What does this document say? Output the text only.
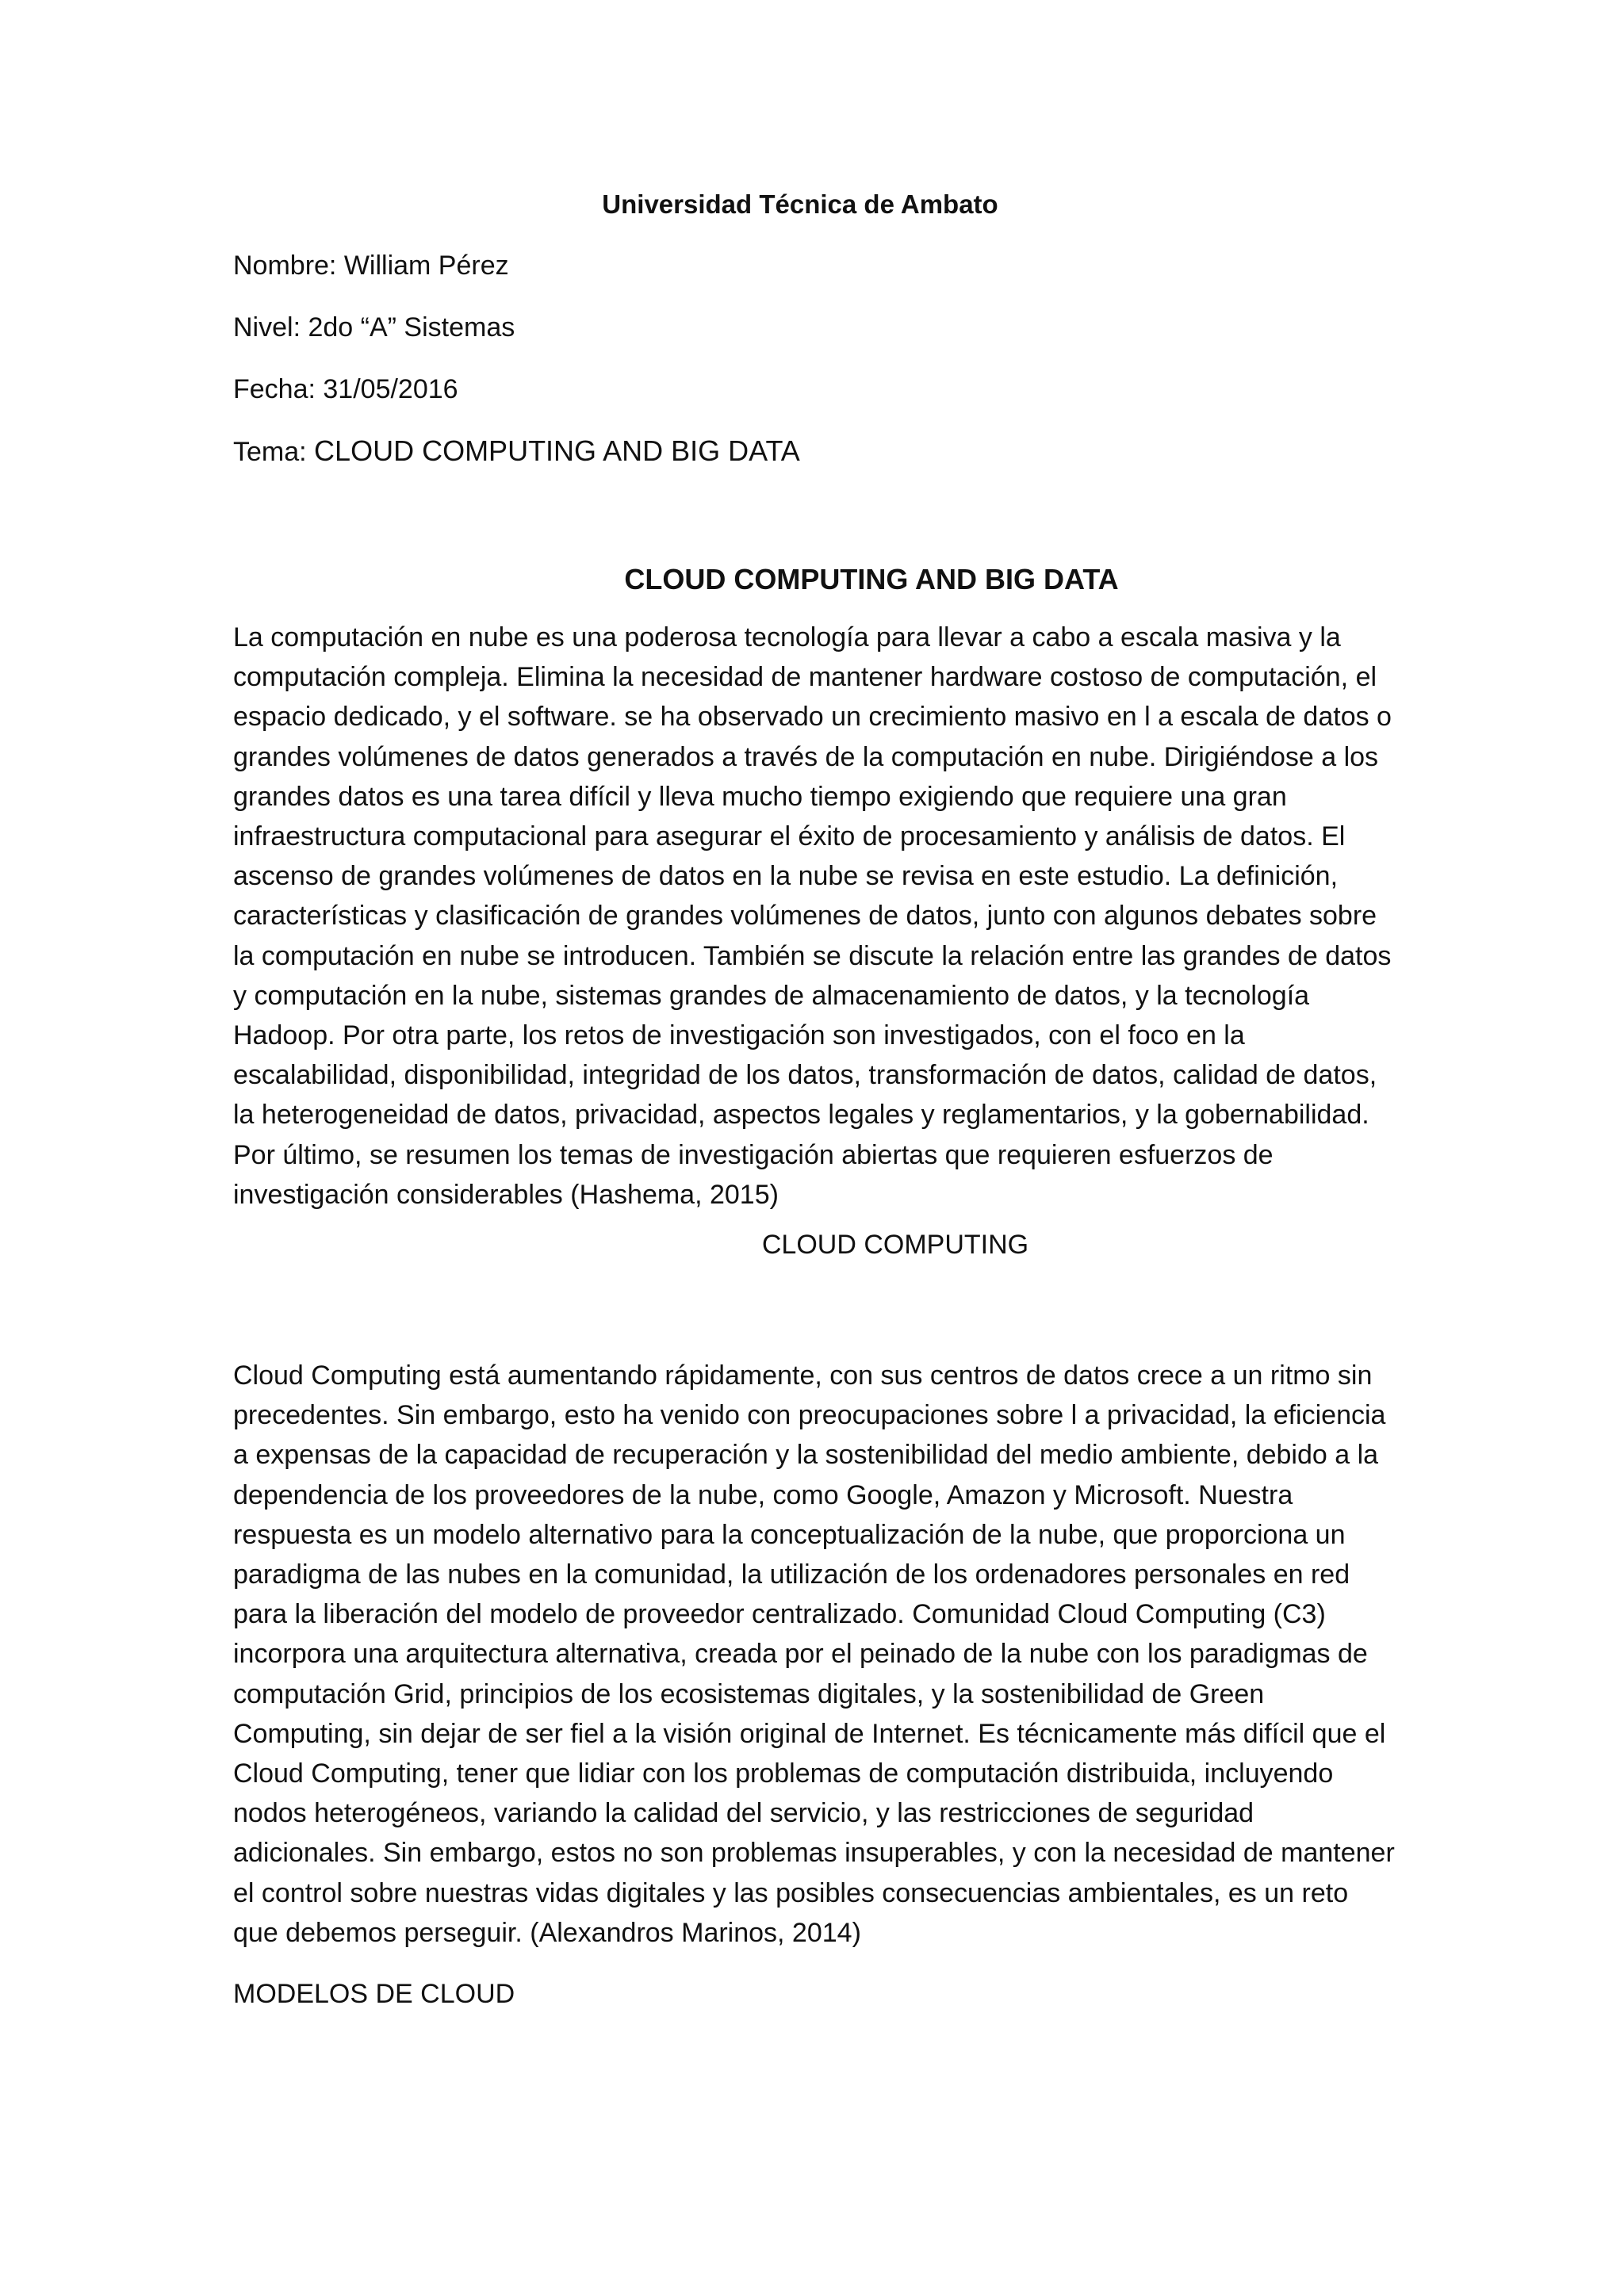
Universidad Técnica de Ambato
Nombre: William Pérez
Nivel: 2do “A” Sistemas
Fecha: 31/05/2016
Tema: CLOUD COMPUTING AND BIG DATA
CLOUD COMPUTING AND BIG DATA

La computación en nube es una poderosa tecnología para llevar a cabo a escala masiva y la computación compleja. Elimina la necesidad de mantener hardware costoso de computación, el espacio dedicado, y el software. se ha observado un crecimiento masivo en l a escala de datos o grandes volúmenes de datos generados a través de la computación en nube. Dirigiéndose a los grandes datos es una tarea difícil y lleva mucho tiempo exigiendo que requiere una gran infraestructura computacional para asegurar el éxito de procesamiento y análisis de datos. El ascenso de grandes volúmenes de datos en la nube se revisa en este estudio. La definición, características y clasificación de grandes volúmenes de datos, junto con algunos debates sobre la computación en nube se introducen. También se discute la relación entre las grandes de datos y computación en la nube, sistemas grandes de almacenamiento de datos, y la tecnología Hadoop. Por otra parte, los retos de investigación son investigados, con el foco en la escalabilidad, disponibilidad, integridad de los datos, transformación de datos, calidad de datos, la heterogeneidad de datos, privacidad, aspectos legales y reglamentarios, y la gobernabilidad. Por último, se resumen los temas de investigación abiertas que requieren esfuerzos de investigación considerables (Hashema, 2015)

CLOUD COMPUTING

Cloud Computing está aumentando rápidamente, con sus centros de datos crece a un ritmo sin precedentes. Sin embargo, esto ha venido con preocupaciones sobre l a privacidad, la eficiencia a expensas de la capacidad de recuperación y la sostenibilidad del medio ambiente, debido a la dependencia de los proveedores de la nube, como Google, Amazon y Microsoft. Nuestra respuesta es un modelo alternativo para la conceptualización de la nube, que proporciona un paradigma de las nubes en la comunidad, la utilización de los ordenadores personales en red para la liberación del modelo de proveedor centralizado. Comunidad Cloud Computing (C3) incorpora una arquitectura alternativa, creada por el peinado de la nube con los paradigmas de computación Grid, principios de los ecosistemas digitales, y la sostenibilidad de Green Computing, sin dejar de ser fiel a la visión original de Internet. Es técnicamente más difícil que el Cloud Computing, tener que lidiar con los problemas de computación distribuida, incluyendo nodos heterogéneos, variando la calidad del servicio, y las restricciones de seguridad adicionales. Sin embargo, estos no son problemas insuperables, y con la necesidad de mantener el control sobre nuestras vidas digitales y las posibles consecuencias ambientales, es un reto que debemos perseguir. (Alexandros Marinos, 2014)

MODELOS DE CLOUD
